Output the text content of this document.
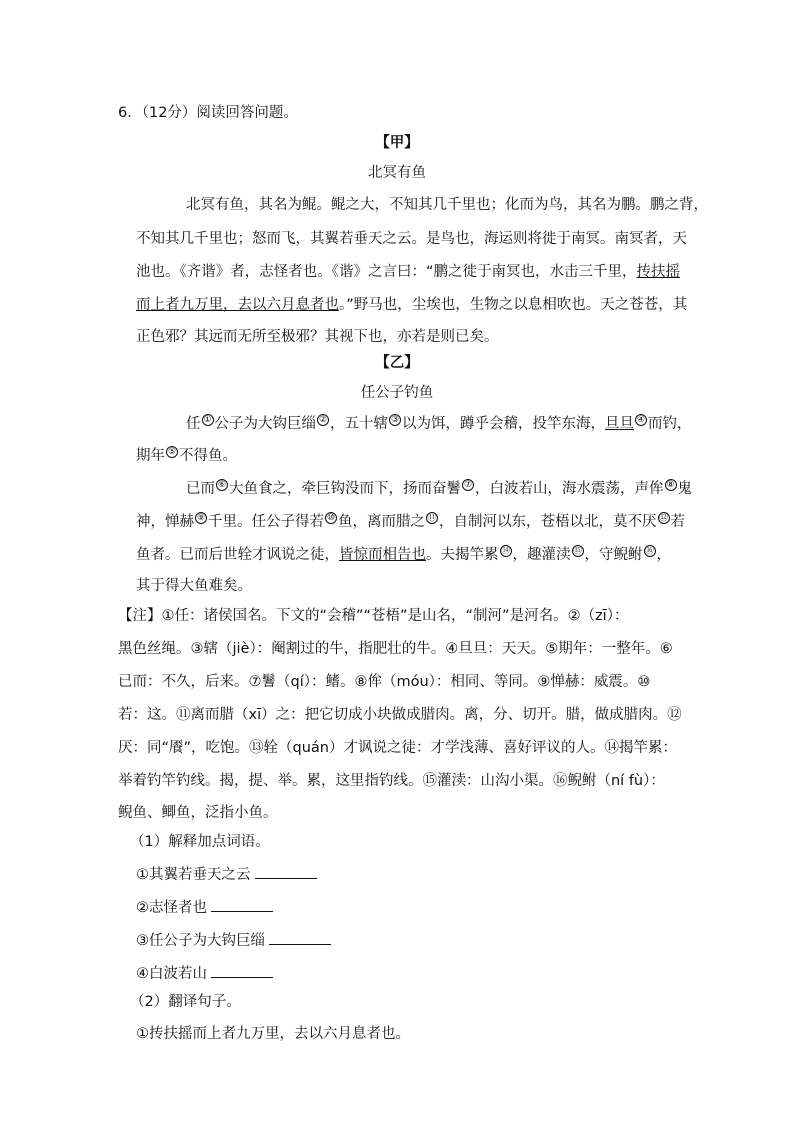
6．（12分）阅读回答问题。
【甲】
北冥有鱼
北冥有鱼，其名为鲲。鲲之大，不知其几千里也；化而为鸟，其名为鹏。鹏之背，
不知其几千里也；怒而飞，其翼若垂天之云。是鸟也，海运则将徙于南冥。南冥者，天
池也。《齐谐》者，志怪者也。《谐》之言曰：“鹏之徙于南冥也，水击三千里，抟扶摇
而上者九万里，去以六月息者也。”野马也，尘埃也，生物之以息相吹也。天之苍苍，其
正色邪？其远而无所至极邪？其视下也，亦若是则已矣。
【乙】
任公子钓鱼
任 ① 公子为大钩巨缁 ② ，五十辖 ③ 以为饵，蹲乎会稽，投竿东海，旦旦 ④ 而钓，
期年 ⑤ 不得鱼。
已而 ⑥ 大鱼食之，牵巨钩没而下，扬而奋鬐 ⑦ ，白波若山，海水震荡，声侔 ⑧ 鬼
神，惮赫 ⑨ 千里。任公子得若 ⑩ 鱼，离而腊之 ⑪ ，自制河以东，苍梧以北，莫不厌 ⑫ 若
鱼者。已而后世辁才讽说之徒，皆惊而相告也。夫揭竿累 ⑭ ，趣灌渎 ⑮ ，守鲵鲋 ⑯ ，
其于得大鱼难矣。
【注】①任：诸侯国名。下文的“会稽”“苍梧”是山名，“制河”是河名。②（zī）：
黑色丝绳。③辖（jiè）：阉割过的牛，指肥壮的牛。④旦旦：天天。⑤期年：一整年。⑥
已而：不久，后来。⑦鬐（qí）：鳍。⑧侔（móu）：相同、等同。⑨惮赫：威震。⑩
若：这。⑪离而腊（xī）之：把它切成小块做成腊肉。离，分、切开。腊，做成腊肉。⑫
厌：同“餍”，吃饱。⑬辁（quán）才讽说之徒：才学浅薄、喜好评议的人。⑭揭竿累：
举着钓竿钓线。揭，提、举。累，这里指钓线。⑮灌渎：山沟小渠。⑯鲵鲋（ní fù）：
鲵鱼、鲫鱼，泛指小鱼。
（1）解释加点词语。
①其翼若垂天之云
②志怪者也
③任公子为大钩巨缁
④白波若山
（2）翻译句子。
①抟扶摇而上者九万里，去以六月息者也。
